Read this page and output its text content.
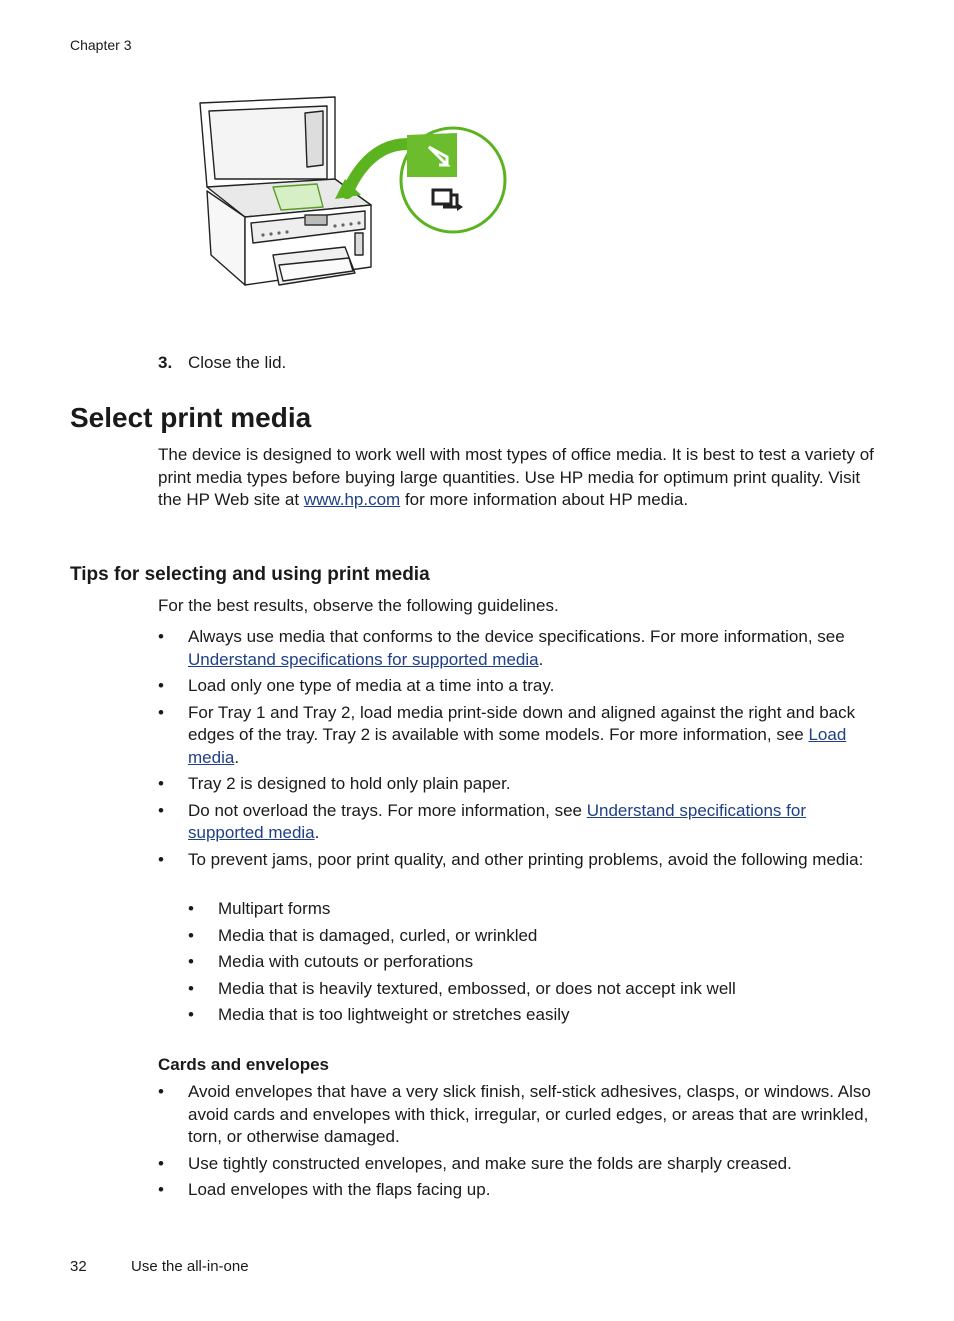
Chapter 3
3. Close the lid.
Select print media
The device is designed to work well with most types of office media. It is best to test a variety of print media types before buying large quantities. Use HP media for optimum print quality. Visit the HP Web site at www.hp.com for more information about HP media.
Tips for selecting and using print media
For the best results, observe the following guidelines.
• Always use media that conforms to the device specifications. For more information, see Understand specifications for supported media.
• Load only one type of media at a time into a tray.
• For Tray 1 and Tray 2, load media print-side down and aligned against the right and back edges of the tray. Tray 2 is available with some models. For more information, see Load media.
• Tray 2 is designed to hold only plain paper.
• Do not overload the trays. For more information, see Understand specifications for supported media.
• To prevent jams, poor print quality, and other printing problems, avoid the following media:
• Multipart forms
• Media that is damaged, curled, or wrinkled
• Media with cutouts or perforations
• Media that is heavily textured, embossed, or does not accept ink well
• Media that is too lightweight or stretches easily
Cards and envelopes
• Avoid envelopes that have a very slick finish, self-stick adhesives, clasps, or windows. Also avoid cards and envelopes with thick, irregular, or curled edges, or areas that are wrinkled, torn, or otherwise damaged.
• Use tightly constructed envelopes, and make sure the folds are sharply creased.
• Load envelopes with the flaps facing up.
32	Use the all-in-one
